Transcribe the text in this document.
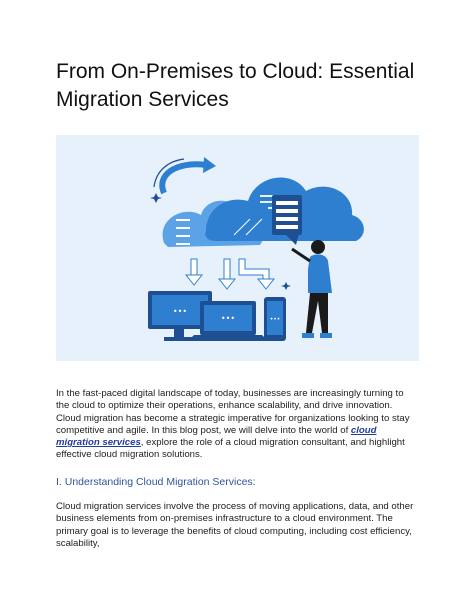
From On-Premises to Cloud: Essential
Migration Services
•••
•••	•••

In the fast-paced digital landscape of today, businesses are increasingly turning to the cloud to optimize their operations, enhance scalability, and drive innovation. Cloud migration has become a strategic imperative for organizations looking to stay competitive and agile. In this blog post, we will delve into the world of cloud migration services, explore the role of a cloud migration consultant, and highlight effective cloud migration solutions.

I. Understanding Cloud Migration Services:

Cloud migration services involve the process of moving applications, data, and other business elements from on-premises infrastructure to a cloud environment. The primary goal is to leverage the benefits of cloud computing, including cost efficiency, scalability,
